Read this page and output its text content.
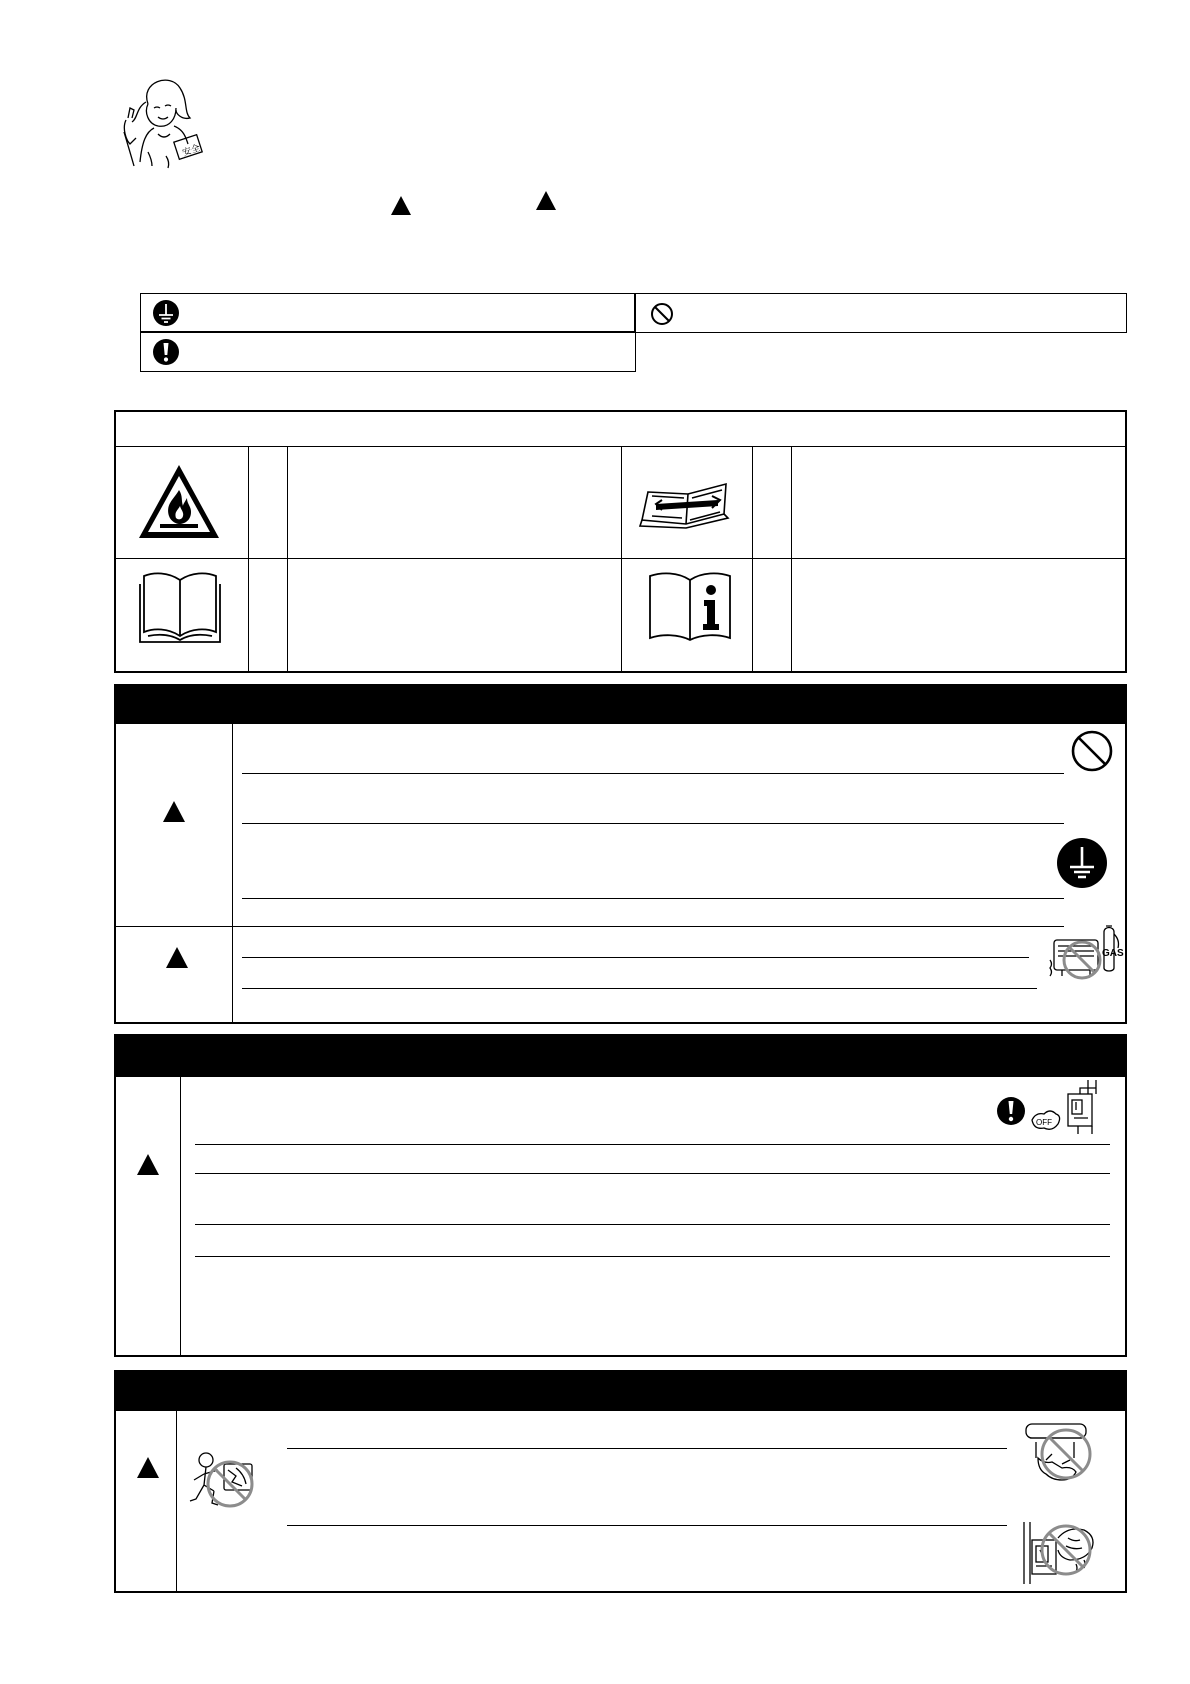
安全
GAS
OFF
